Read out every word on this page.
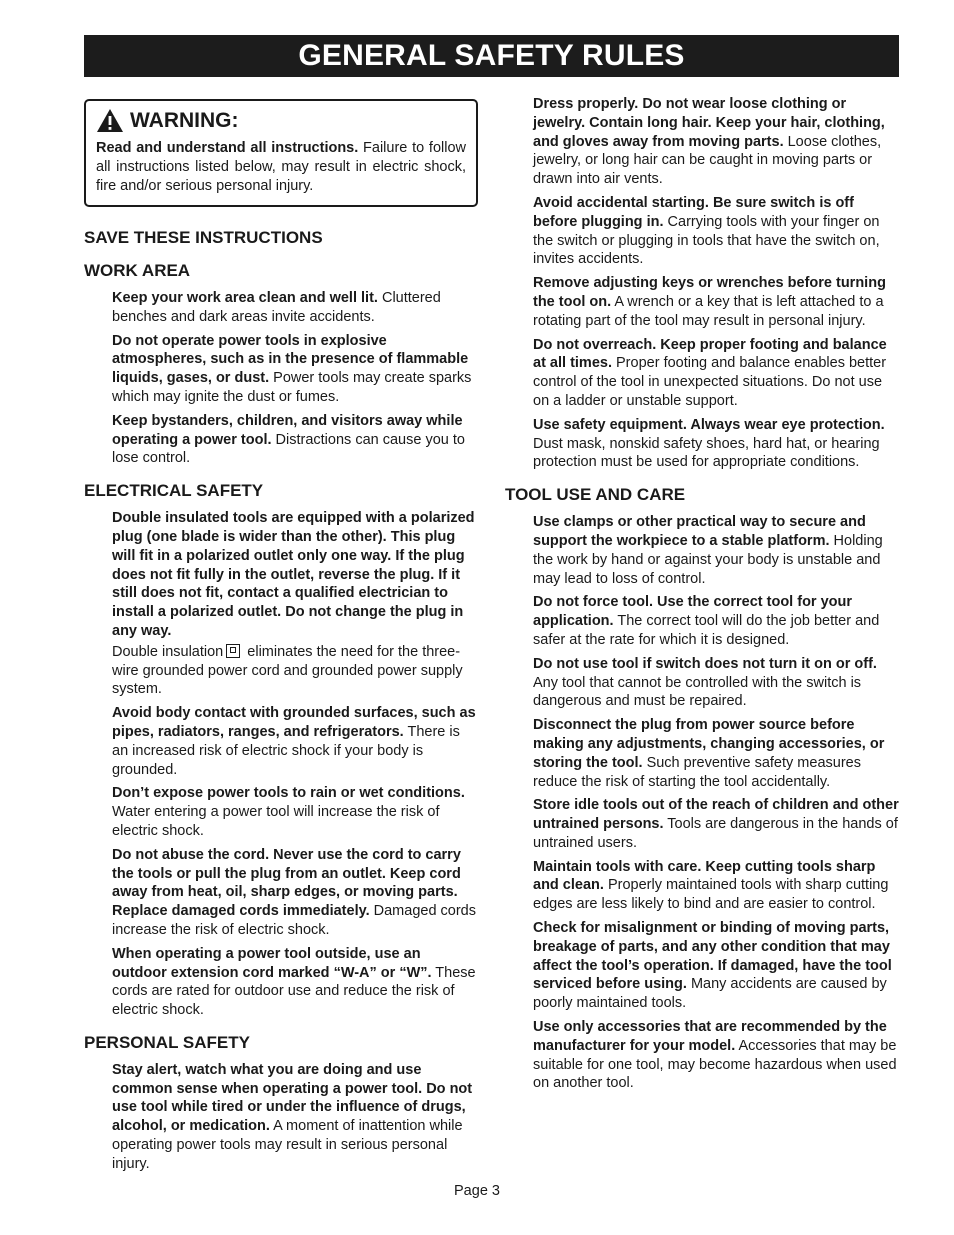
GENERAL SAFETY RULES
WARNING:
Read and understand all instructions. Failure to follow all instructions listed below, may result in electric shock, fire and/or serious personal injury.
SAVE THESE INSTRUCTIONS
WORK AREA

Keep your work area clean and well lit. Cluttered benches and dark areas invite accidents.

Do not operate power tools in explosive atmospheres, such as in the presence of flammable liquids, gases, or dust. Power tools may create sparks which may ignite the dust or fumes.

Keep bystanders, children, and visitors away while operating a power tool. Distractions can cause you to lose control.

ELECTRICAL SAFETY

Double insulated tools are equipped with a polarized plug (one blade is wider than the other). This plug will fit in a polarized outlet only one way. If the plug does not fit fully in the outlet, reverse the plug. If it still does not fit, contact a qualified electrician to install a polarized outlet. Do not change the plug in any way.

Double insulation eliminates the need for the three-wire grounded power cord and grounded power supply system.

Avoid body contact with grounded surfaces, such as pipes, radiators, ranges, and refrigerators. There is an increased risk of electric shock if your body is grounded.

Don’t expose power tools to rain or wet conditions. Water entering a power tool will increase the risk of electric shock.

Do not abuse the cord. Never use the cord to carry the tools or pull the plug from an outlet. Keep cord away from heat, oil, sharp edges, or moving parts. Replace damaged cords immediately. Damaged cords increase the risk of electric shock.

When operating a power tool outside, use an outdoor extension cord marked “W-A” or “W”. These cords are rated for outdoor use and reduce the risk of electric shock.

PERSONAL SAFETY

Stay alert, watch what you are doing and use common sense when operating a power tool. Do not use tool while tired or under the influence of drugs, alcohol, or medication. A moment of inattention while operating power tools may result in serious personal injury.

Dress properly. Do not wear loose clothing or jewelry. Contain long hair. Keep your hair, clothing, and gloves away from moving parts. Loose clothes, jewelry, or long hair can be caught in moving parts or drawn into air vents.

Avoid accidental starting. Be sure switch is off before plugging in. Carrying tools with your finger on the switch or plugging in tools that have the switch on, invites accidents.

Remove adjusting keys or wrenches before turning the tool on. A wrench or a key that is left attached to a rotating part of the tool may result in personal injury.

Do not overreach. Keep proper footing and balance at all times. Proper footing and balance enables better control of the tool in unexpected situations. Do not use on a ladder or unstable support.

Use safety equipment. Always wear eye protection. Dust mask, nonskid safety shoes, hard hat, or hearing protection must be used for appropriate conditions.

TOOL USE AND CARE

Use clamps or other practical way to secure and support the workpiece to a stable platform. Holding the work by hand or against your body is unstable and may lead to loss of control.

Do not force tool. Use the correct tool for your application. The correct tool will do the job better and safer at the rate for which it is designed.

Do not use tool if switch does not turn it on or off. Any tool that cannot be controlled with the switch is dangerous and must be repaired.

Disconnect the plug from power source before making any adjustments, changing accessories, or storing the tool. Such preventive safety measures reduce the risk of starting the tool accidentally.

Store idle tools out of the reach of children and other untrained persons. Tools are dangerous in the hands of untrained users.

Maintain tools with care. Keep cutting tools sharp and clean. Properly maintained tools with sharp cutting edges are less likely to bind and are easier to control.

Check for misalignment or binding of moving parts, breakage of parts, and any other condition that may affect the tool’s operation. If damaged, have the tool serviced before using. Many accidents are caused by poorly maintained tools.

Use only accessories that are recommended by the manufacturer for your model. Accessories that may be suitable for one tool, may become hazardous when used on another tool.

Page 3
